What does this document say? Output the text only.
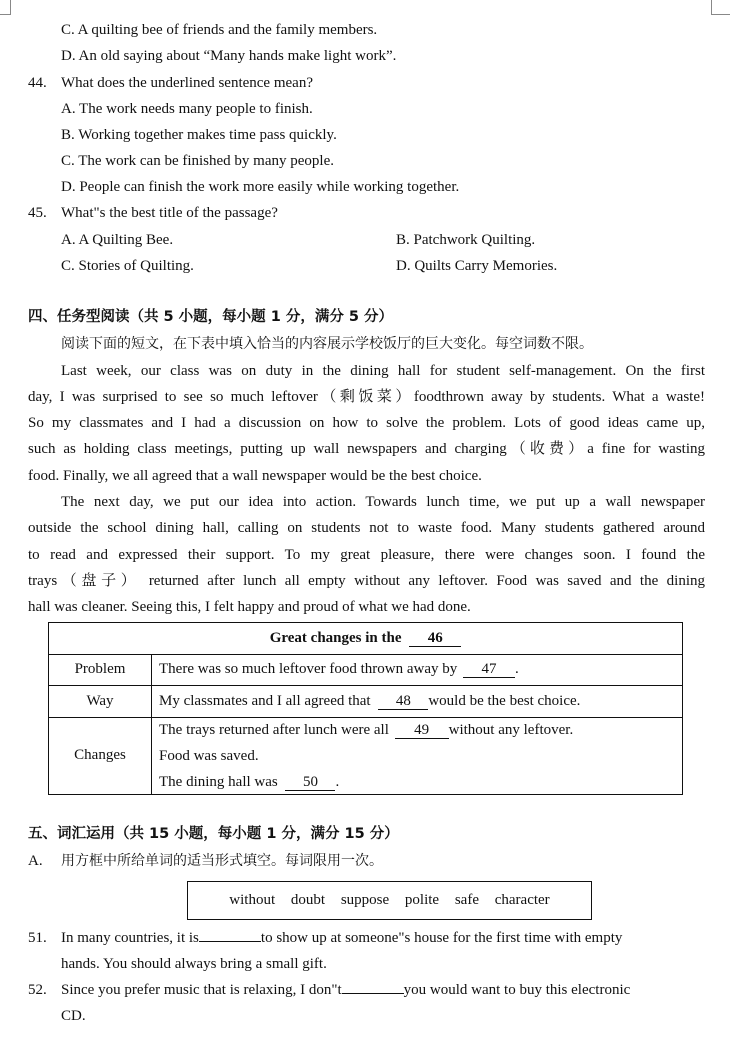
C. A quilting bee of friends and the family members.
D. An old saying about “Many hands make light work”.
44. What does the underlined sentence mean?
A. The work needs many people to finish.
B. Working together makes time pass quickly.
C. The work can be finished by many people.
D. People can finish the work more easily while working together.
45. What"s the best title of the passage?
A. A Quilting Bee.	B. Patchwork Quilting.
C. Stories of Quilting.	D. Quilts Carry Memories.
四、任务型阅读（共 5 小题，每小题 1 分，满分 5 分）
阅读下面的短文，在下表中填入恰当的内容展示学校饭厅的巨大变化。每空词数不限。
Last week, our class was on duty in the dining hall for student self-management. On the first
day, I was surprised to see so much leftover（剩饭菜）foodthrown away by students. What a waste!
So my classmates and I had a discussion on how to solve the problem. Lots of good ideas came up,
such as holding class meetings, putting up wall newspapers and charging（收费）a fine for wasting
food. Finally, we all agreed that a wall newspaper would be the best choice.
The next day, we put our idea into action. Towards lunch time, we put up a wall newspaper
outside the school dining hall, calling on students not to waste food. Many students gathered around
to read and expressed their support. To my great pleasure, there were changes soon. I found the
trays（盘子） returned after lunch all empty without any leftover. Food was saved and the dining
hall was cleaner. Seeing this, I felt happy and proud of what we had done.
Great changes in the 46
Problem	There was so much leftover food thrown away by 47 .
Way	My classmates and I all agreed that 48 would be the best choice.
Changes
The trays returned after lunch were all 49 without any leftover.
Food was saved.
The dining hall was 50 .
五、词汇运用（共 15 小题，每小题 1 分，满分 15 分）
A. 用方框中所给单词的适当形式填空。每词限用一次。
without doubt suppose polite safe character
51. In many countries, it is	to show up at someone"s house for the first time with empty
hands. You should always bring a small gift.
52. Since you prefer music that is relaxing, I don"t	you would want to buy this electronic
CD.
